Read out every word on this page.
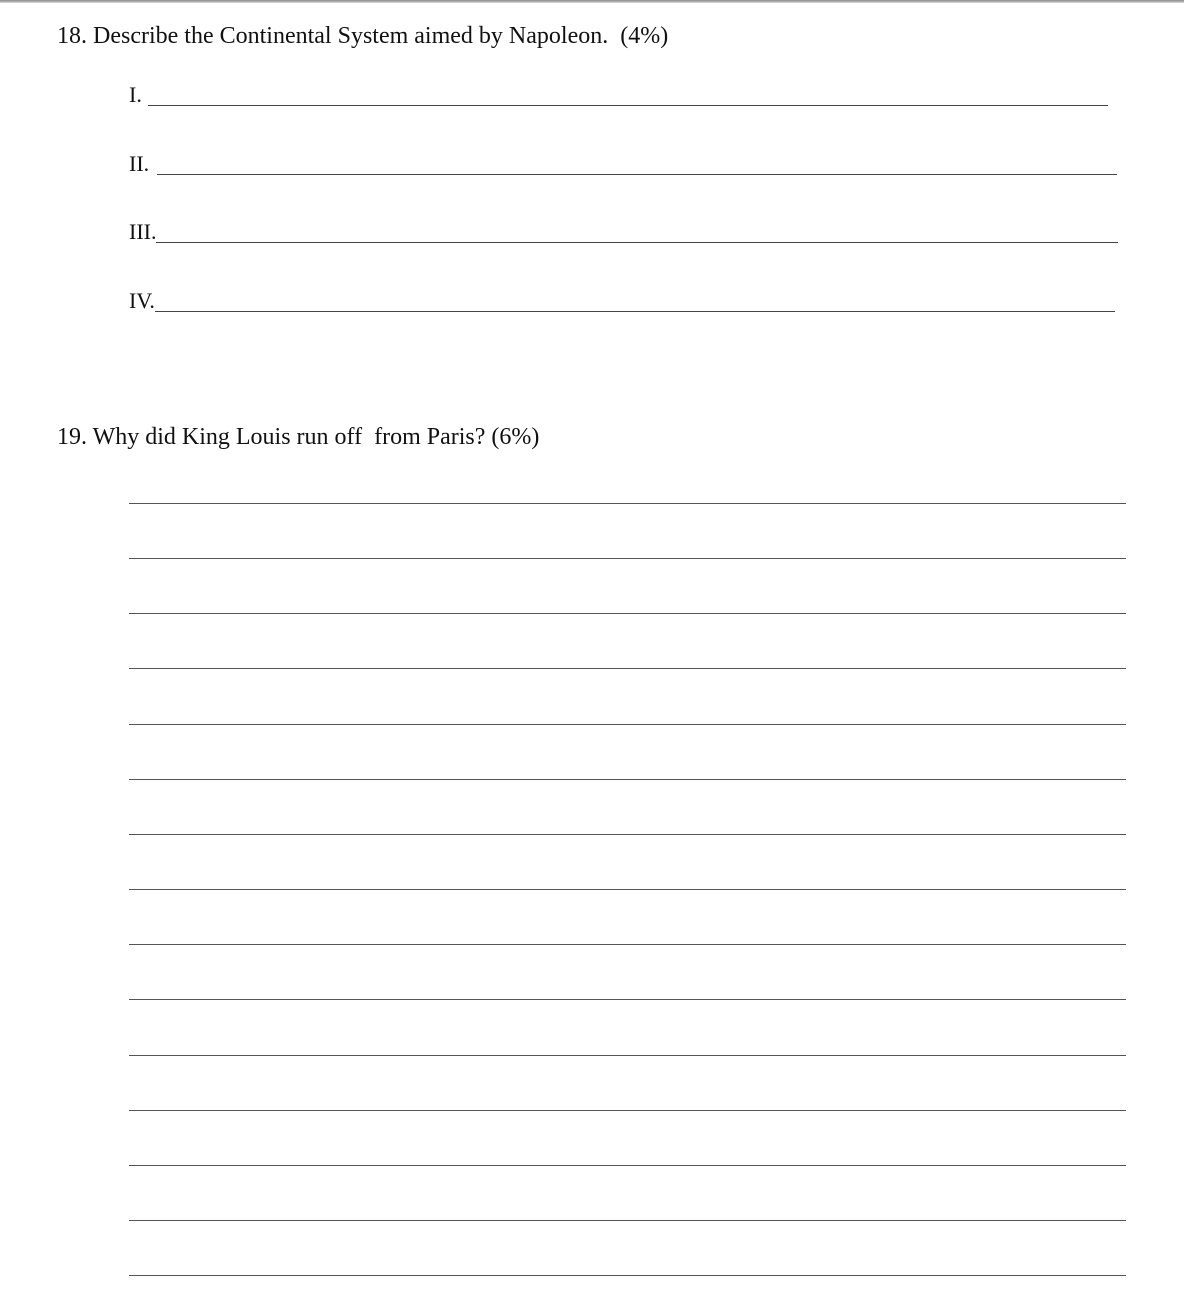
18. Describe the Continental System aimed by Napoleon.  (4%)
I.
II.
III.
IV.
19. Why did King Louis run off  from Paris? (6%)
